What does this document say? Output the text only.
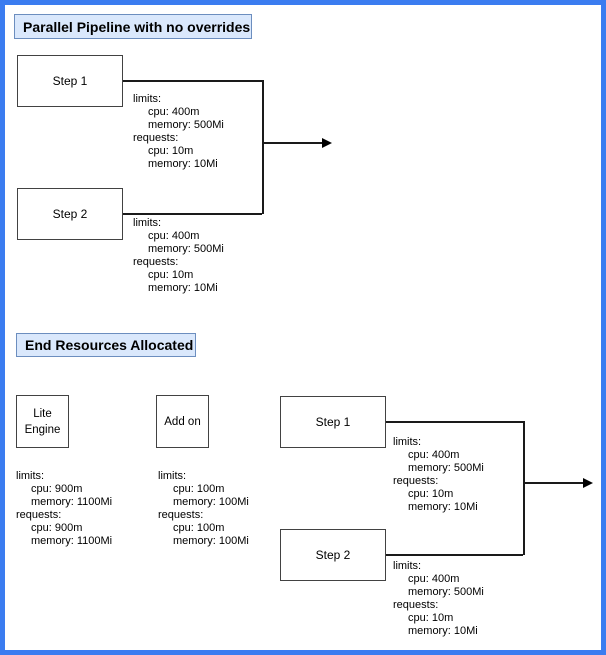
Parallel Pipeline with no overrides
Step 1
Step 2
limits:
cpu: 400m
memory: 500Mi
requests:
cpu: 10m
memory: 10Mi
limits:
cpu: 400m
memory: 500Mi
requests:
cpu: 10m
memory: 10Mi
End Resources Allocated
Lite Engine
Add on	Step 1
Step 2
limits:
cpu: 900m
memory: 1100Mi
requests:
cpu: 900m
memory: 1100Mi
limits:
cpu: 100m
memory: 100Mi
requests:
cpu: 100m
memory: 100Mi
limits:
cpu: 400m
memory: 500Mi
requests:
cpu: 10m
memory: 10Mi
limits:
cpu: 400m
memory: 500Mi
requests:
cpu: 10m
memory: 10Mi
